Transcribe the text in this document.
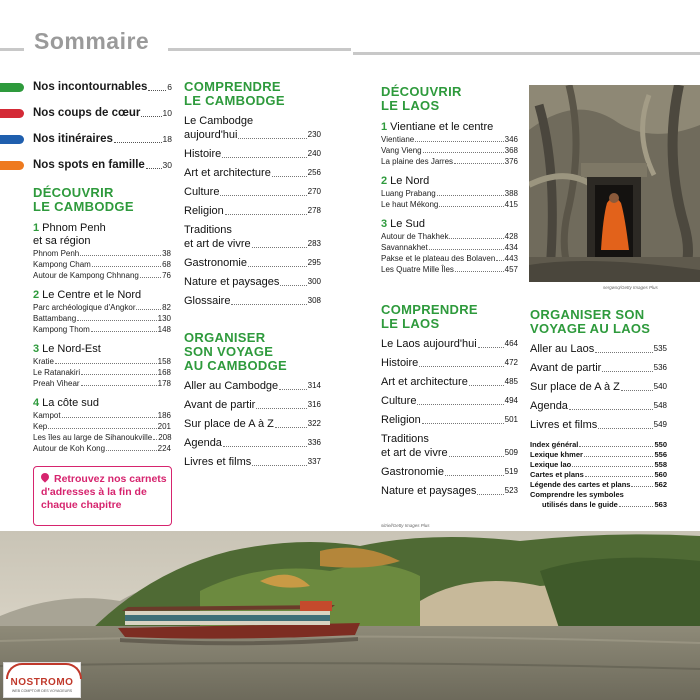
Sommaire
Nos incontournables 6
Nos coups de cœur	10
Nos itinéraires	18
Nos spots en famille 30
DÉCOUVRIR
LE CAMBODGE
1 Phnom Penh
et sa région
Phnom Penh	38
Kampong Cham	68
Autour de Kampong Chhnang	76
2 Le Centre et le Nord
Parc archéologique d'Angkor	82
Battambang	130
Kampong Thom	148
3 Le Nord-Est
Kratie	158
Le Ratanakiri	168
Preah Vihear	178
4 La côte sud
Kampot	186
Kep	201
Les îles au large de Sihanoukville 208
Autour de Koh Kong	224
Retrouvez nos carnets d'adresses à la fin de chaque chapitre
COMPRENDRE
LE CAMBODGE
Le Cambodge
aujourd'hui	230
Histoire	240
Art et architecture	256
Culture	270
Religion	278
Traditions
et art de vivre	283
Gastronomie	295
Nature et paysages	300
Glossaire	308
ORGANISER
SON VOYAGE
AU CAMBODGE
Aller au Cambodge	314
Avant de partir	316
Sur place de A à Z	322
Agenda	336
Livres et films	337
DÉCOUVRIR
LE LAOS
1 Vientiane et le centre
Vientiane	346
Vang Vieng	368
La plaine des Jarres	376
2 Le Nord
Luang Prabang	388
Le haut Mékong	415
3 Le Sud
Autour de Thakhek	428
Savannakhet	434
Pakse et le plateau des Bolaven 443
Les Quatre Mille Îles	457
COMPRENDRE
LE LAOS
Le Laos aujourd'hui	464
Histoire	472
Art et architecture	485
Culture	494
Religion	501
Traditions
et art de vivre	509
Gastronomie	519
Nature et paysages	523
sergwsq/Getty Images Plus
ORGANISER SON
VOYAGE AU LAOS
Aller au Laos	535
Avant de partir	536
Sur place de A à Z	540
Agenda	548
Livres et films	549
Index général	550
Lexique khmer	556
Lexique lao	558
Cartes et plans	560
Légende des cartes et plans	562
Comprendre les symboles
utilisés dans le guide	563
sitriel/Getty Images Plus
NOSTROMO
WEB COMPTOIR DES VOYAGEURS
